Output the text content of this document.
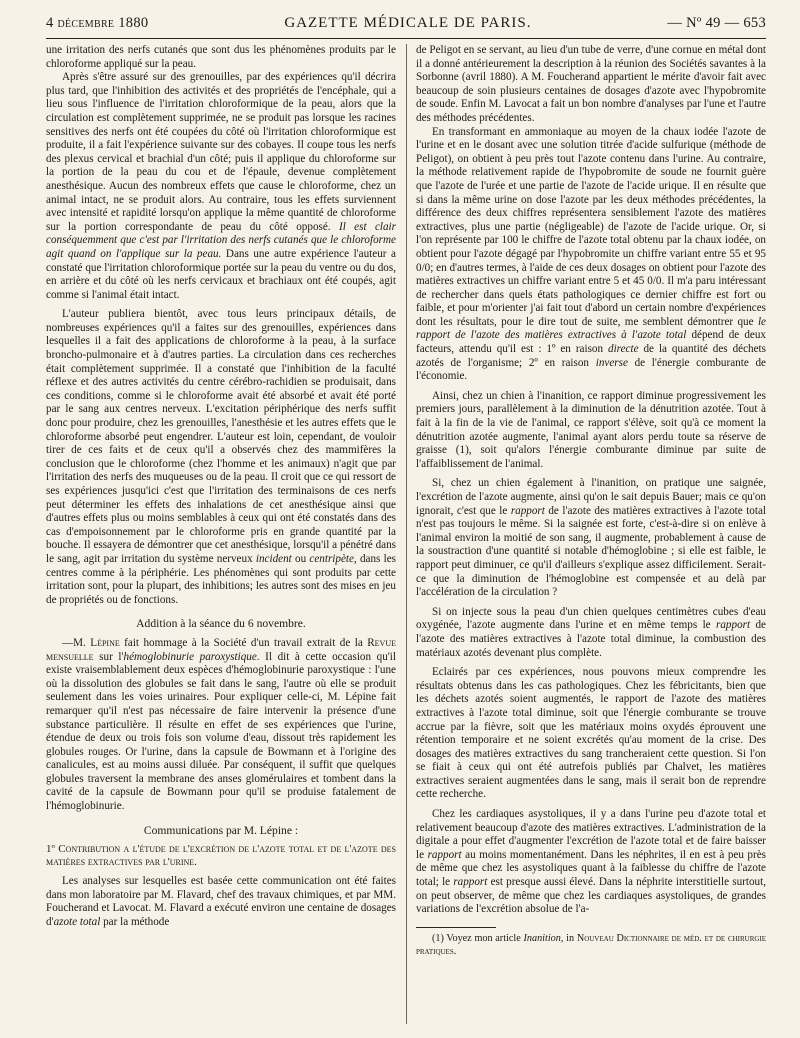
4 décembre 1880	GAZETTE MÉDICALE DE PARIS.	— Nº 49 — 653

une irritation des nerfs cutanés que sont dus les phénomènes produits par le chloroforme appliqué sur la peau.

Après s'être assuré sur des grenouilles, par des expériences qu'il décrira plus tard, que l'inhibition des activités et des propriétés de l'encéphale, qui a lieu sous l'influence de l'irritation chloroformique de la peau, alors que la circulation est complètement supprimée, ne se produit pas lorsque les racines sensitives des nerfs ont été coupées du côté où l'irritation chloroformique est produite, il a fait l'expérience suivante sur des cobayes. Il coupe tous les nerfs des plexus cervical et brachial d'un côté; puis il applique du chloroforme sur la portion de la peau du cou et de l'épaule, devenue complètement anesthésique. Aucun des nombreux effets que cause le chloroforme, chez un animal intact, ne se produit alors. Au contraire, tous les effets surviennent avec intensité et rapidité lorsqu'on applique la même quantité de chloroforme sur la portion correspondante de peau du côté opposé. Il est clair conséquemment que c'est par l'irritation des nerfs cutanés que le chloroforme agit quand on l'applique sur la peau. Dans une autre expérience l'auteur a constaté que l'irritation chloroformique portée sur la peau du ventre ou du dos, en arrière et du côté où les nerfs cervicaux et brachiaux ont été coupés, agit comme si l'animal était intact.

L'auteur publiera bientôt, avec tous leurs principaux détails, de nombreuses expériences qu'il a faites sur des grenouilles, expériences dans lesquelles il a fait des applications de chloroforme à la peau, à la surface broncho-pulmonaire et à d'autres parties. La circulation dans ces recherches était complètement supprimée. Il a constaté que l'inhibition de la faculté réflexe et des autres activités du centre cérébro-rachidien se produisait, dans ces conditions, comme si le chloroforme avait été absorbé et avait été porté par le sang aux centres nerveux. L'excitation périphérique des nerfs suffit donc pour produire, chez les grenouilles, l'anesthésie et les autres effets que le chloroforme absorbé peut engendrer. L'auteur est loin, cependant, de vouloir tirer de ces faits et de ceux qu'il a observés chez des mammifères la conclusion que le chloroforme (chez l'homme et les animaux) n'agit que par l'irritation des nerfs des muqueuses ou de la peau. Il croit que ce qui ressort de ses expériences jusqu'ici c'est que l'irritation des terminaisons de ces nerfs peut déterminer les effets des inhalations de cet anesthésique ainsi que d'autres effets plus ou moins semblables à ceux qui ont été constatés dans des cas d'empoisonnement par le chloroforme pris en grande quantité par la bouche. Il essayera de démontrer que cet anesthésique, lorsqu'il a pénétré dans le sang, agit par irritation du système nerveux incident ou centripète, dans les centres comme à la périphérie. Les phénomènes qui sont produits par cette irritation sont, pour la plupart, des inhibitions; les autres sont des mises en jeu de propriétés ou de fonctions.

Addition à la séance du 6 novembre.

—M. Lépine fait hommage à la Société d'un travail extrait de la Revue mensuelle sur l'hémoglobinurie paroxystique. Il dit à cette occasion qu'il existe vraisemblablement deux espèces d'hémoglobinurie paroxystique : l'une où la dissolution des globules se fait dans le sang, l'autre où elle se produit seulement dans les voies urinaires. Pour expliquer celle-ci, M. Lépine fait remarquer qu'il n'est pas nécessaire de faire intervenir la présence d'une substance particulière. Il résulte en effet de ses expériences que l'urine, étendue de deux ou trois fois son volume d'eau, dissout très rapidement les globules rouges. Or l'urine, dans la capsule de Bowmann et à l'origine des canalicules, est au moins aussi diluée. Par conséquent, il suffit que quelques globules traversent la membrane des anses glomérulaires et tombent dans la cavité de la capsule de Bowmann pour qu'il se produise fatalement de l'hémoglobinurie.

Communications par M. Lépine :
1º Contribution a l'étude de l'excrétion de l'azote total et de l'azote des matières extractives par l'urine.

Les analyses sur lesquelles est basée cette communication ont été faites dans mon laboratoire par M. Flavard, chef des travaux chimiques, et par MM. Foucherand et Lavocat. M. Flavard a exécuté environ une centaine de dosages d'azote total par la méthode

de Peligot en se servant, au lieu d'un tube de verre, d'une cornue en métal dont il a donné antérieurement la description à la réunion des Sociétés savantes à la Sorbonne (avril 1880). A M. Foucherand appartient le mérite d'avoir fait avec beaucoup de soin plusieurs centaines de dosages d'azote avec l'hypobromite de soude. Enfin M. Lavocat a fait un bon nombre d'analyses par l'une et l'autre des méthodes précédentes.

En transformant en ammoniaque au moyen de la chaux iodée l'azote de l'urine et en le dosant avec une solution titrée d'acide sulfurique (méthode de Peligot), on obtient à peu près tout l'azote contenu dans l'urine. Au contraire, la méthode relativement rapide de l'hypobromite de soude ne fournit guère que l'azote de l'urée et une partie de l'azote de l'acide urique. Il en résulte que si dans la même urine on dose l'azote par les deux méthodes précédentes, la différence des deux chiffres représentera sensiblement l'azote des matières extractives, plus une partie (négligeable) de l'azote de l'acide urique. Or, si l'on représente par 100 le chiffre de l'azote total obtenu par la chaux iodée, on obtient pour l'azote dégagé par l'hypobromite un chiffre variant entre 55 et 95 0/0; en d'autres termes, à l'aide de ces deux dosages on obtient pour l'azote des matières extractives un chiffre variant entre 5 et 45 0/0. Il m'a paru intéressant de rechercher dans quels états pathologiques ce dernier chiffre est fort ou faible, et pour m'orienter j'ai fait tout d'abord un certain nombre d'expériences dont les résultats, pour le dire tout de suite, me semblent démontrer que le rapport de l'azote des matières extractives à l'azote total dépend de deux facteurs, attendu qu'il est : 1º en raison directe de la quantité des déchets azotés de l'organisme; 2º en raison inverse de l'énergie comburante de l'économie.

Ainsi, chez un chien à l'inanition, ce rapport diminue progressivement les premiers jours, parallèlement à la diminution de la dénutrition azotée. Tout à fait à la fin de la vie de l'animal, ce rapport s'élève, soit qu'à ce moment la dénutrition azotée augmente, l'animal ayant alors perdu toute sa réserve de graisse (1), soit qu'alors l'énergie comburante diminue par suite de l'affaiblissement de l'animal.

Si, chez un chien également à l'inanition, on pratique une saignée, l'excrétion de l'azote augmente, ainsi qu'on le sait depuis Bauer; mais ce qu'on ignorait, c'est que le rapport de l'azote des matières extractives à l'azote total n'est pas toujours le même. Si la saignée est forte, c'est-à-dire si on enlève à l'animal environ la moitié de son sang, il augmente, probablement à cause de la soustraction d'une quantité si notable d'hémoglobine ; si elle est faible, le rapport peut diminuer, ce qu'il d'ailleurs s'explique assez difficilement. Serait-ce que la diminution de l'hémoglobine est compensée et au delà par l'accélération de la circulation ?

Si on injecte sous la peau d'un chien quelques centimètres cubes d'eau oxygénée, l'azote augmente dans l'urine et en même temps le rapport de l'azote des matières extractives à l'azote total diminue, la combustion des matériaux azotés devenant plus complète.

Eclairés par ces expériences, nous pouvons mieux comprendre les résultats obtenus dans les cas pathologiques. Chez les fébricitants, bien que les déchets azotés soient augmentés, le rapport de l'azote des matières extractives à l'azote total diminue, soit que l'énergie comburante se trouve accrue par la fièvre, soit que les matériaux moins oxydés éprouvent une rétention temporaire et ne soient excrétés qu'au moment de la crise. Des dosages des matières extractives du sang trancheraient cette question. Si l'on se fiait à ceux qui ont été autrefois publiés par Chalvet, les matières extractives seraient augmentées dans le sang, mais il serait bon de reprendre cette recherche.

Chez les cardiaques asystoliques, il y a dans l'urine peu d'azote total et relativement beaucoup d'azote des matières extractives. L'administration de la digitale a pour effet d'augmenter l'excrétion de l'azote total et de faire baisser le rapport au moins momentanément. Dans les néphrites, il en est à peu près de même que chez les asystoliques quant à la faiblesse du chiffre de l'azote total; le rapport est presque aussi élevé. Dans la néphrite interstitielle surtout, on peut observer, de même que chez les cardiaques asystoliques, de grandes variations de l'excrétion absolue de l'a-

(1) Voyez mon article Inanition, in Nouveau Dictionnaire de méd. et de chirurgie pratiques.
